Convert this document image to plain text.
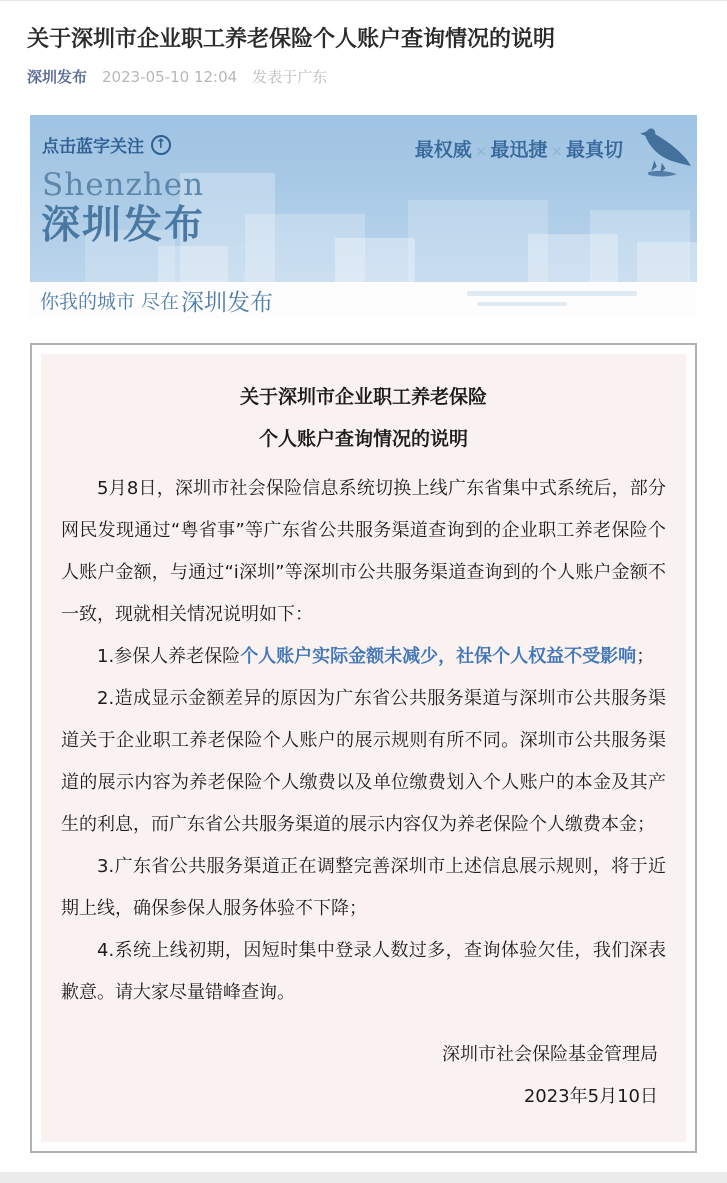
关于深圳市企业职工养老保险个人账户查询情况的说明
深圳发布 2023-05-10 12:04 发表于广东
点击蓝字关注 ↑	最权威 × 最迅捷 × 最真切
Shenzhen
深圳发布
你我的城市 尽在 深圳发布
关于深圳市企业职工养老保险
个人账户查询情况的说明

5月8日，深圳市社会保险信息系统切换上线广东省集中式系统后，部分网民发现通过“粤省事”等广东省公共服务渠道查询到的企业职工养老保险个人账户金额，与通过“i深圳”等深圳市公共服务渠道查询到的个人账户金额不一致，现就相关情况说明如下：

1.参保人养老保险个人账户实际金额未减少，社保个人权益不受影响；

2.造成显示金额差异的原因为广东省公共服务渠道与深圳市公共服务渠道关于企业职工养老保险个人账户的展示规则有所不同。深圳市公共服务渠道的展示内容为养老保险个人缴费以及单位缴费划入个人账户的本金及其产生的利息，而广东省公共服务渠道的展示内容仅为养老保险个人缴费本金；

3.广东省公共服务渠道正在调整完善深圳市上述信息展示规则，将于近期上线，确保参保人服务体验不下降；

4.系统上线初期，因短时集中登录人数过多，查询体验欠佳，我们深表歉意。请大家尽量错峰查询。

深圳市社会保险基金管理局
2023年5月10日
